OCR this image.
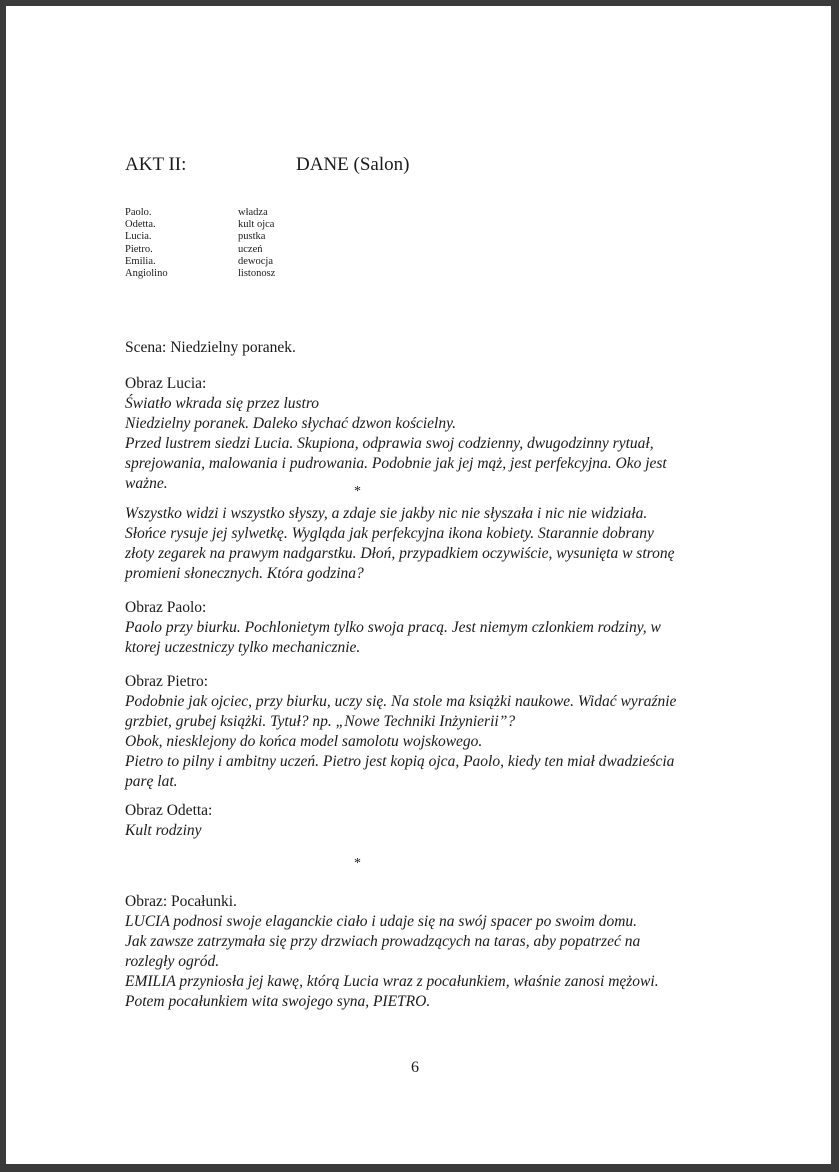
AKT II:	DANE (Salon)
Paolo.
Odetta.
Lucia.
Pietro.
Emilia.
Angiolino
władza
kult ojca
pustka
uczeń
dewocja
listonosz
Scena: Niedzielny poranek.
Obraz Lucia:
Światło wkrada się przez lustro
Niedzielny poranek. Daleko słychać dzwon kościelny.
Przed lustrem siedzi Lucia. Skupiona, odprawia swoj codzienny, dwugodzinny rytuał,
sprejowania, malowania i pudrowania. Podobnie jak jej mąż, jest perfekcyjna. Oko jest
ważne.	*
Wszystko widzi i wszystko słyszy, a zdaje sie jakby nic nie słyszała i nic nie widziała.
Słońce rysuje jej sylwetkę. Wygląda jak perfekcyjna ikona kobiety. Starannie dobrany
złoty zegarek na prawym nadgarstku. Dłoń, przypadkiem oczywiście, wysunięta w stronę
promieni słonecznych. Która godzina?
Obraz Paolo:
Paolo przy biurku. Pochlonietym tylko swoja pracą. Jest niemym czlonkiem rodziny, w
ktorej uczestniczy tylko mechanicznie.
Obraz Pietro:
Podobnie jak ojciec, przy biurku, uczy się. Na stole ma książki naukowe. Widać wyraźnie
grzbiet, grubej książki. Tytuł? np. „Nowe Techniki Inżynierii”?
Obok, niesklejony do końca model samolotu wojskowego.
Pietro to pilny i ambitny uczeń. Pietro jest kopią ojca, Paolo, kiedy ten miał dwadzieścia
parę lat.
Obraz Odetta:
Kult rodziny
*
Obraz: Pocałunki.
LUCIA podnosi swoje elaganckie ciało i udaje się na swój spacer po swoim domu.
Jak zawsze zatrzymała się przy drzwiach prowadzących na taras, aby popatrzeć na
rozległy ogród.
EMILIA przyniosła jej kawę, którą Lucia wraz z pocałunkiem, właśnie zanosi mężowi.
Potem pocałunkiem wita swojego syna, PIETRO.
6
